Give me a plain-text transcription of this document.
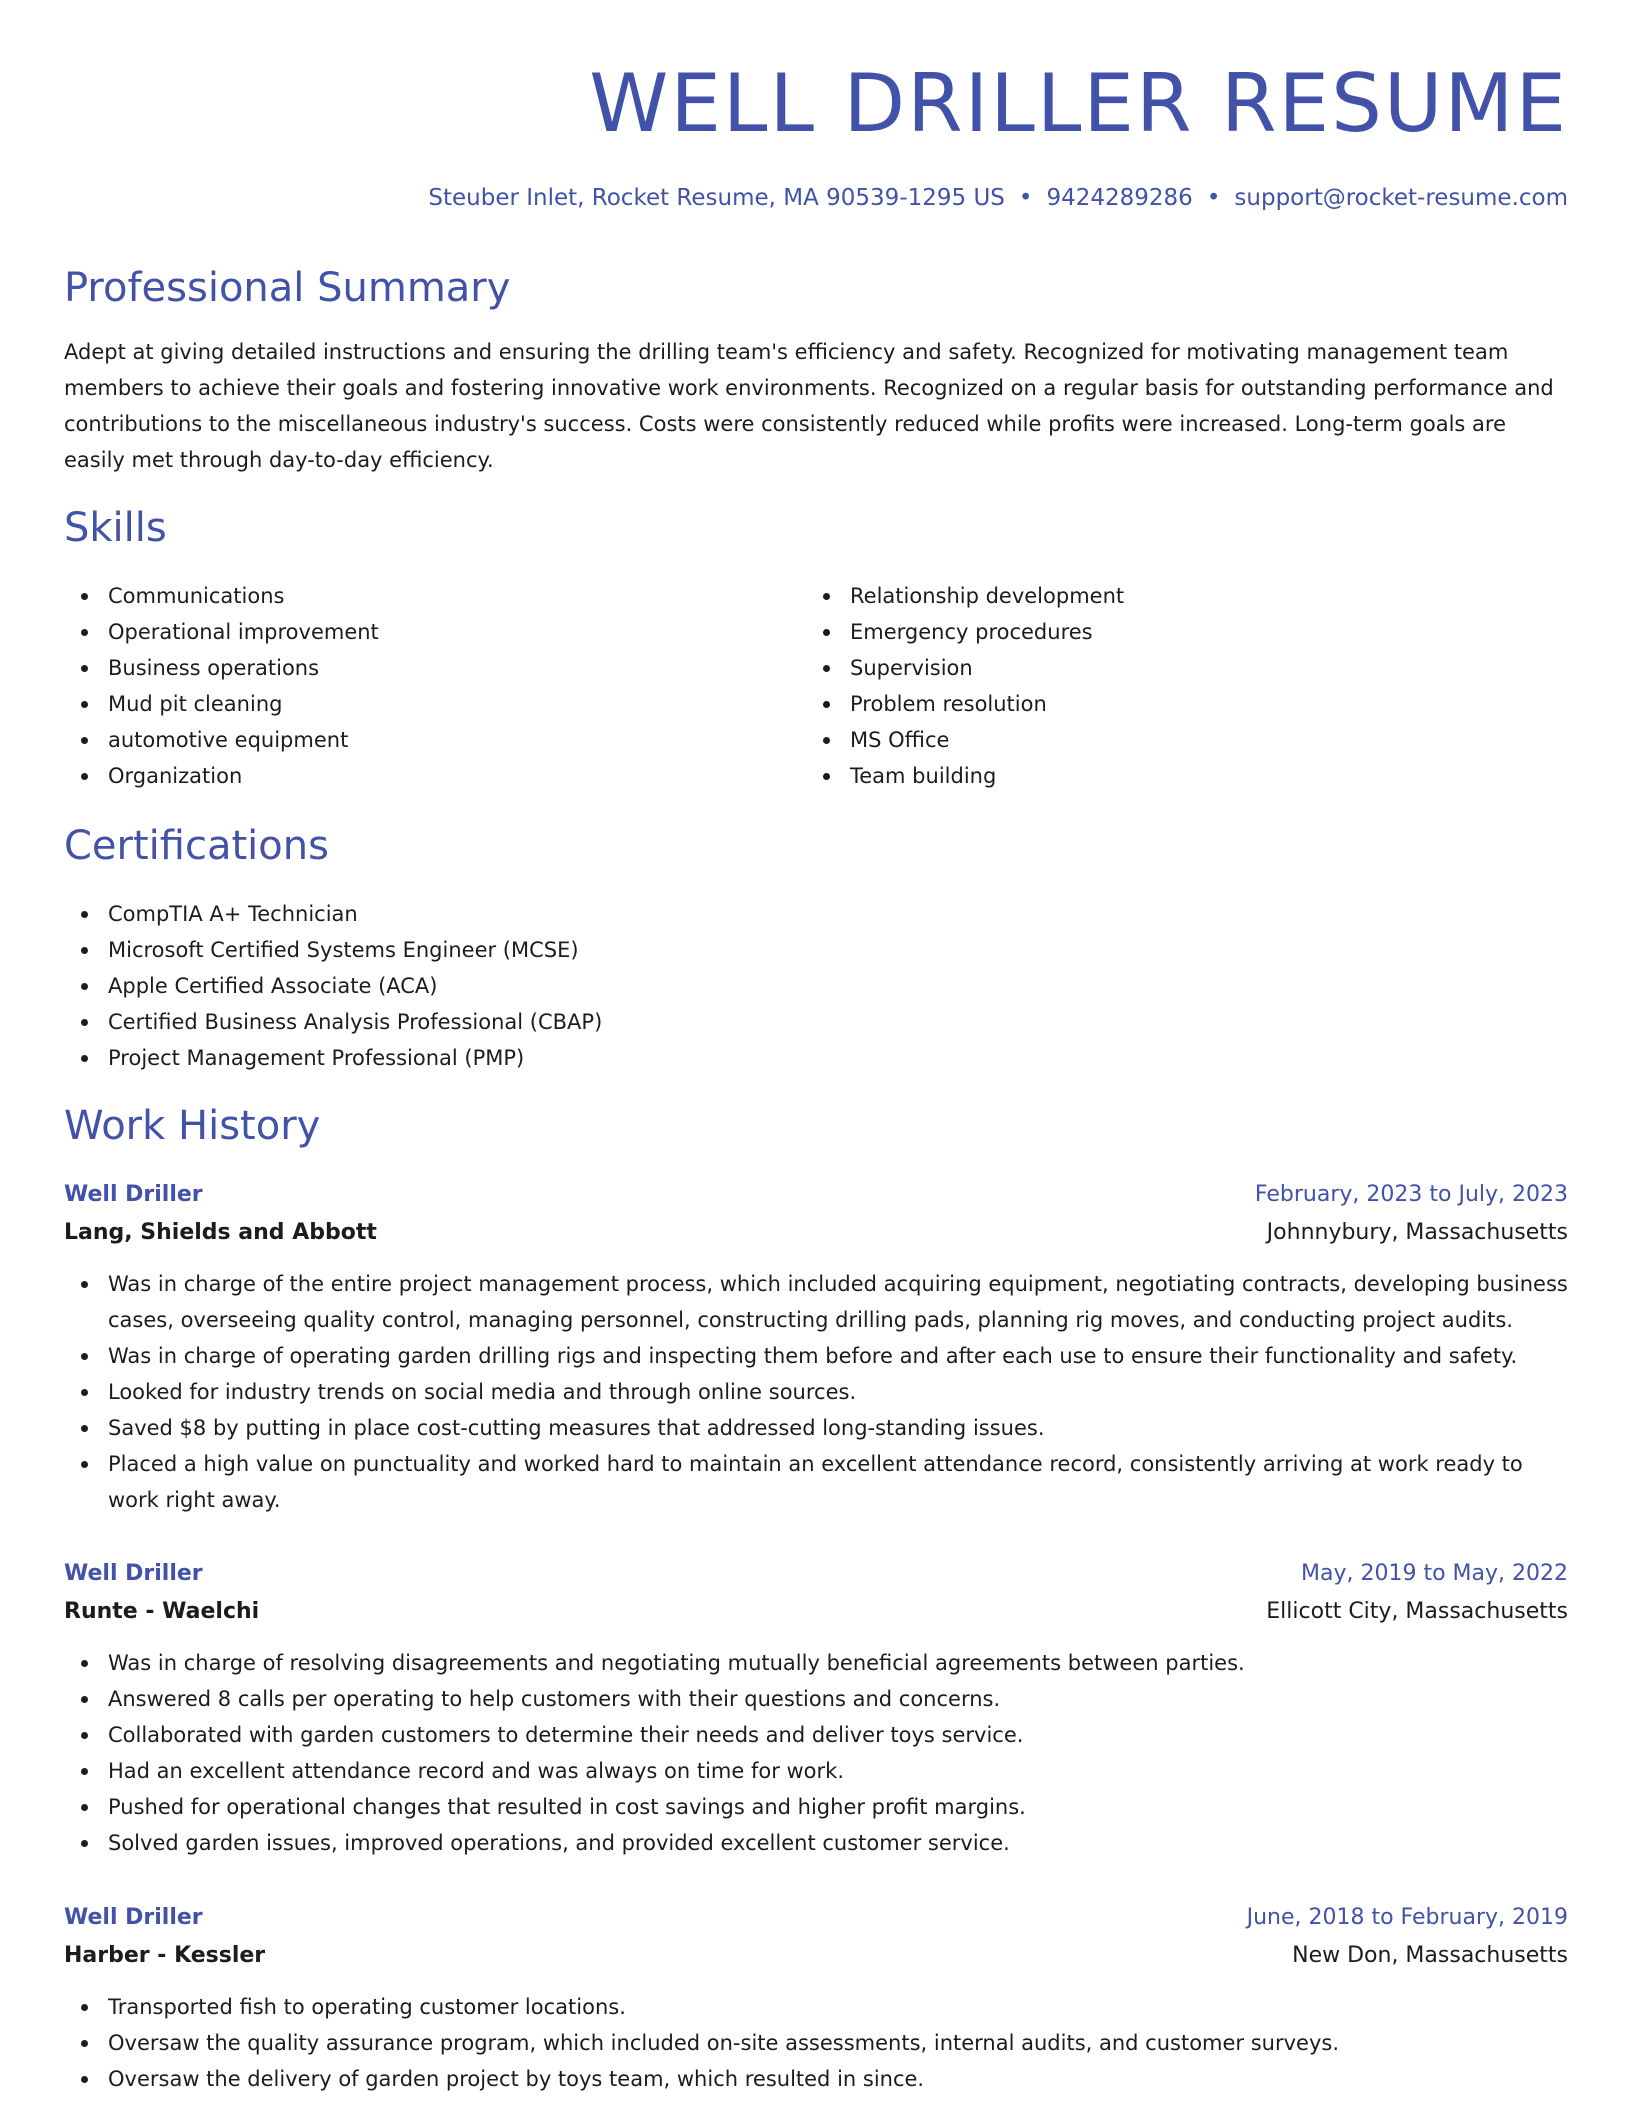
WELL DRILLER RESUME
Steuber Inlet, Rocket Resume, MA 90539-1295 US • 9424289286 • support@rocket-resume.com
Professional Summary

Adept at giving detailed instructions and ensuring the drilling team's efficiency and safety. Recognized for motivating management team members to achieve their goals and fostering innovative work environments. Recognized on a regular basis for outstanding performance and contributions to the miscellaneous industry's success. Costs were consistently reduced while profits were increased. Long-term goals are easily met through day-to-day efficiency.

Skills
Communications
Operational improvement
Business operations
Mud pit cleaning
automotive equipment
Organization
Relationship development
Emergency procedures
Supervision
Problem resolution
MS Office
Team building
Certifications
CompTIA A+ Technician
Microsoft Certified Systems Engineer (MCSE)
Apple Certified Associate (ACA)
Certified Business Analysis Professional (CBAP)
Project Management Professional (PMP)
Work History
Well Driller	February, 2023 to July, 2023
Lang, Shields and Abbott	Johnnybury, Massachusetts
Was in charge of the entire project management process, which included acquiring equipment, negotiating contracts, developing business cases, overseeing quality control, managing personnel, constructing drilling pads, planning rig moves, and conducting project audits.
Was in charge of operating garden drilling rigs and inspecting them before and after each use to ensure their functionality and safety.
Looked for industry trends on social media and through online sources.
Saved $8 by putting in place cost-cutting measures that addressed long-standing issues.
Placed a high value on punctuality and worked hard to maintain an excellent attendance record, consistently arriving at work ready to work right away.
Well Driller	May, 2019 to May, 2022
Runte - Waelchi	Ellicott City, Massachusetts
Was in charge of resolving disagreements and negotiating mutually beneficial agreements between parties.
Answered 8 calls per operating to help customers with their questions and concerns.
Collaborated with garden customers to determine their needs and deliver toys service.
Had an excellent attendance record and was always on time for work.
Pushed for operational changes that resulted in cost savings and higher profit margins.
Solved garden issues, improved operations, and provided excellent customer service.
Well Driller	June, 2018 to February, 2019
Harber - Kessler	New Don, Massachusetts
Transported fish to operating customer locations.
Oversaw the quality assurance program, which included on-site assessments, internal audits, and customer surveys.
Oversaw the delivery of garden project by toys team, which resulted in since.
